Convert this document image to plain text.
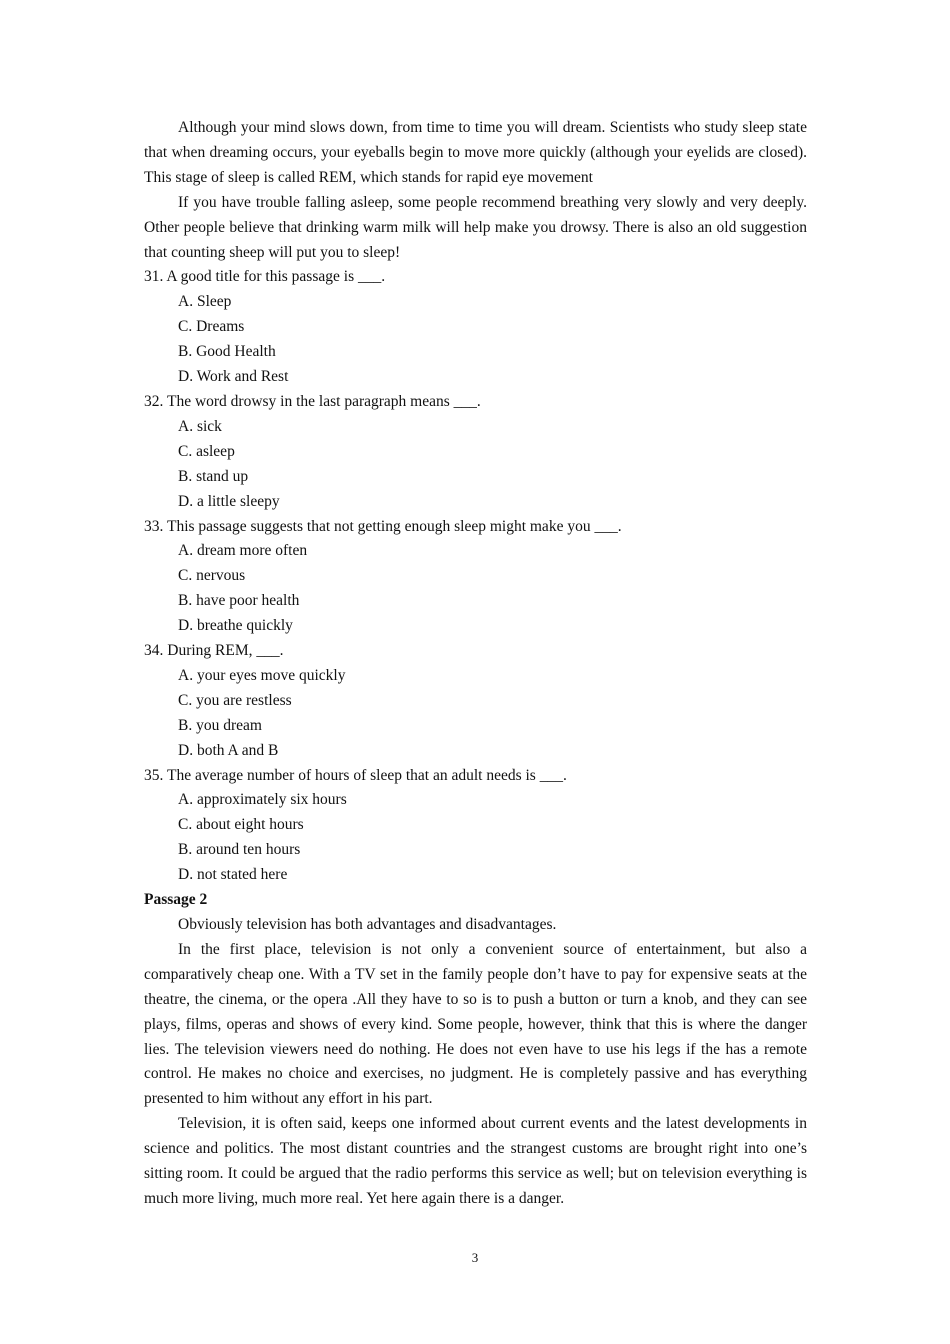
Although your mind slows down, from time to time you will dream. Scientists who study sleep state that when dreaming occurs, your eyeballs begin to move more quickly (although your eyelids are closed). This stage of sleep is called REM, which stands for rapid eye movement

If you have trouble falling asleep, some people recommend breathing very slowly and very deeply. Other people believe that drinking warm milk will help make you drowsy. There is also an old suggestion that counting sheep will put you to sleep!

31. A good title for this passage is ___.

A. Sleep

C. Dreams

B. Good Health

D. Work and Rest

32. The word drowsy in the last paragraph means ___.

A. sick

C. asleep

B. stand up

D. a little sleepy

33. This passage suggests that not getting enough sleep might make you ___.

A. dream more often

C. nervous

B. have poor health

D. breathe quickly

34. During REM, ___.

A. your eyes move quickly

C. you are restless

B. you dream

D. both A and B

35. The average number of hours of sleep that an adult needs is ___.

A. approximately six hours

C. about eight hours

B. around ten hours

D. not stated here

Passage 2

Obviously television has both advantages and disadvantages.

In the first place, television is not only a convenient source of entertainment, but also a comparatively cheap one. With a TV set in the family people don’t have to pay for expensive seats at the theatre, the cinema, or the opera .All they have to so is to push a button or turn a knob, and they can see plays, films, operas and shows of every kind. Some people, however, think that this is where the danger lies. The television viewers need do nothing. He does not even have to use his legs if the has a remote control. He makes no choice and exercises, no judgment. He is completely passive and has everything presented to him without any effort in his part.

Television, it is often said, keeps one informed about current events and the latest developments in science and politics. The most distant countries and the strangest customs are brought right into one’s sitting room. It could be argued that the radio performs this service as well; but on television everything is much more living, much more real. Yet here again there is a danger.

3
